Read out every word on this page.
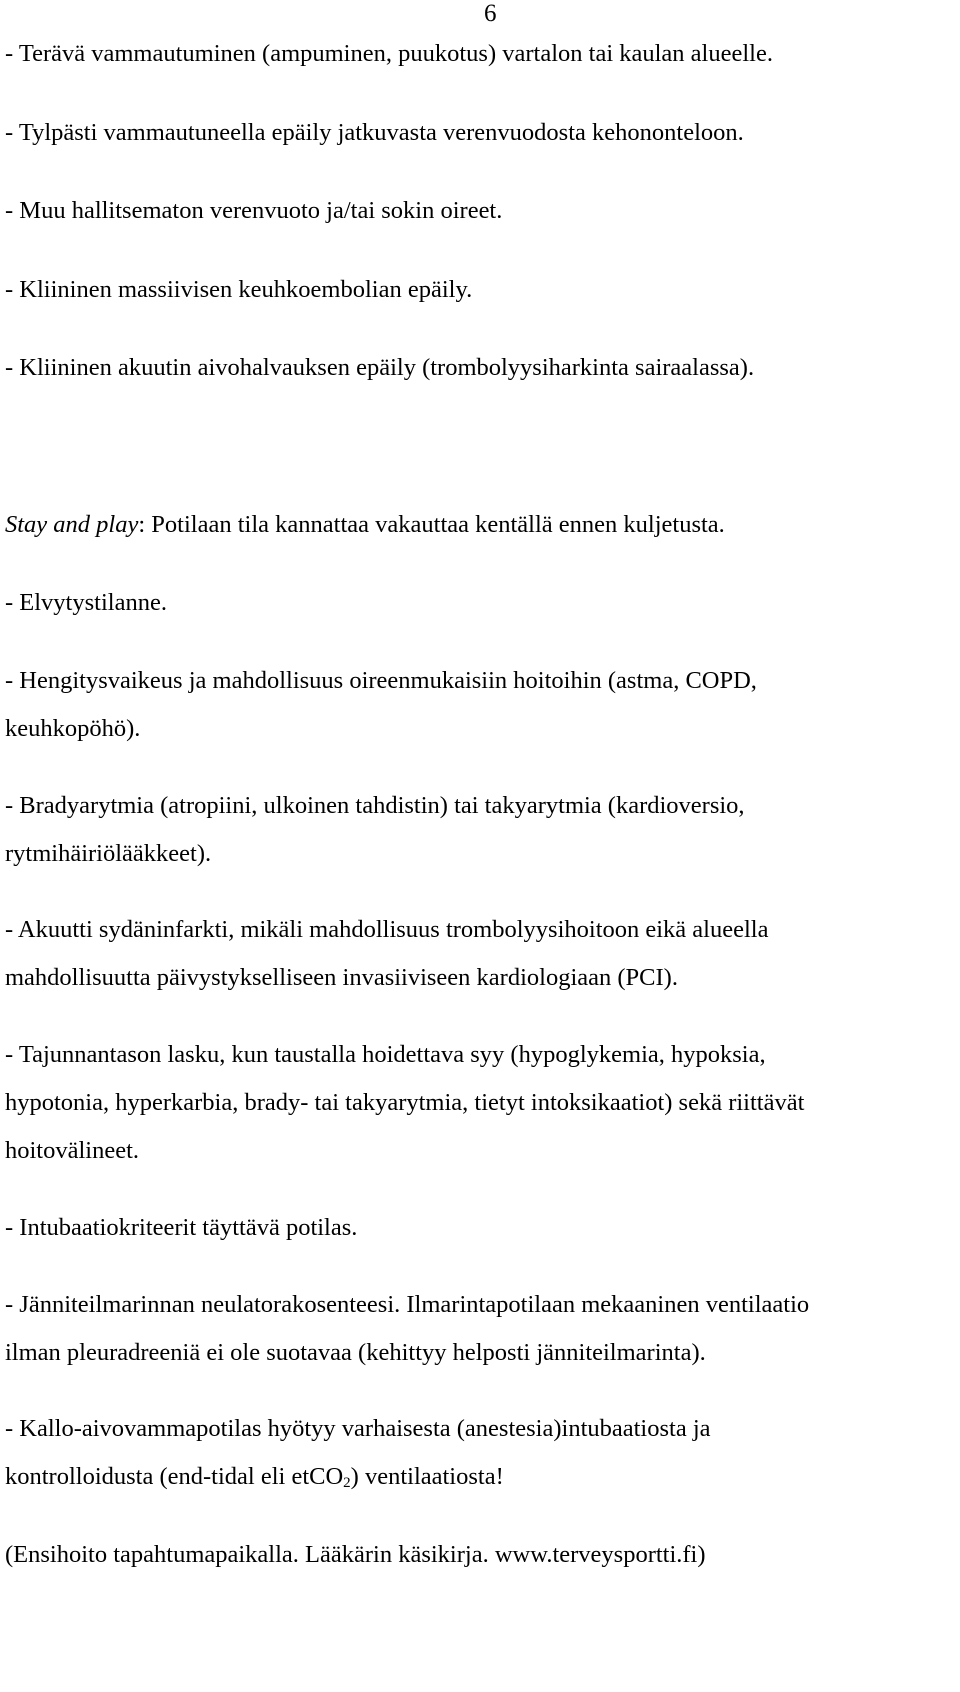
6
- Terävä vammautuminen (ampuminen, puukotus) vartalon tai kaulan alueelle.
- Tylpästi vammautuneella epäily jatkuvasta verenvuodosta kehononteloon.
- Muu hallitsematon verenvuoto ja/tai sokin oireet.
- Kliininen massiivisen keuhkoembolian epäily.
- Kliininen akuutin aivohalvauksen epäily (trombolyysiharkinta sairaalassa).
Stay and play: Potilaan tila kannattaa vakauttaa kentällä ennen kuljetusta.
- Elvytystilanne.
- Hengitysvaikeus ja mahdollisuus oireenmukaisiin hoitoihin (astma, COPD,
keuhkopöhö).
- Bradyarytmia (atropiini, ulkoinen tahdistin) tai takyarytmia (kardioversio,
rytmihäiriölääkkeet).
- Akuutti sydäninfarkti, mikäli mahdollisuus trombolyysihoitoon eikä alueella
mahdollisuutta päivystykselliseen invasiiviseen kardiologiaan (PCI).
- Tajunnantason lasku, kun taustalla hoidettava syy (hypoglykemia, hypoksia,
hypotonia, hyperkarbia, brady- tai takyarytmia, tietyt intoksikaatiot) sekä riittävät
hoitovälineet.
- Intubaatiokriteerit täyttävä potilas.
- Jänniteilmarinnan neulatorakosenteesi. Ilmarintapotilaan mekaaninen ventilaatio
ilman pleuradreeniä ei ole suotavaa (kehittyy helposti jänniteilmarinta).
- Kallo-aivovammapotilas hyötyy varhaisesta (anestesia)intubaatiosta ja
kontrolloidusta (end-tidal eli etCO$_2$) ventilaatiosta!
(Ensihoito tapahtumapaikalla. Lääkärin käsikirja. www.terveysportti.fi)
